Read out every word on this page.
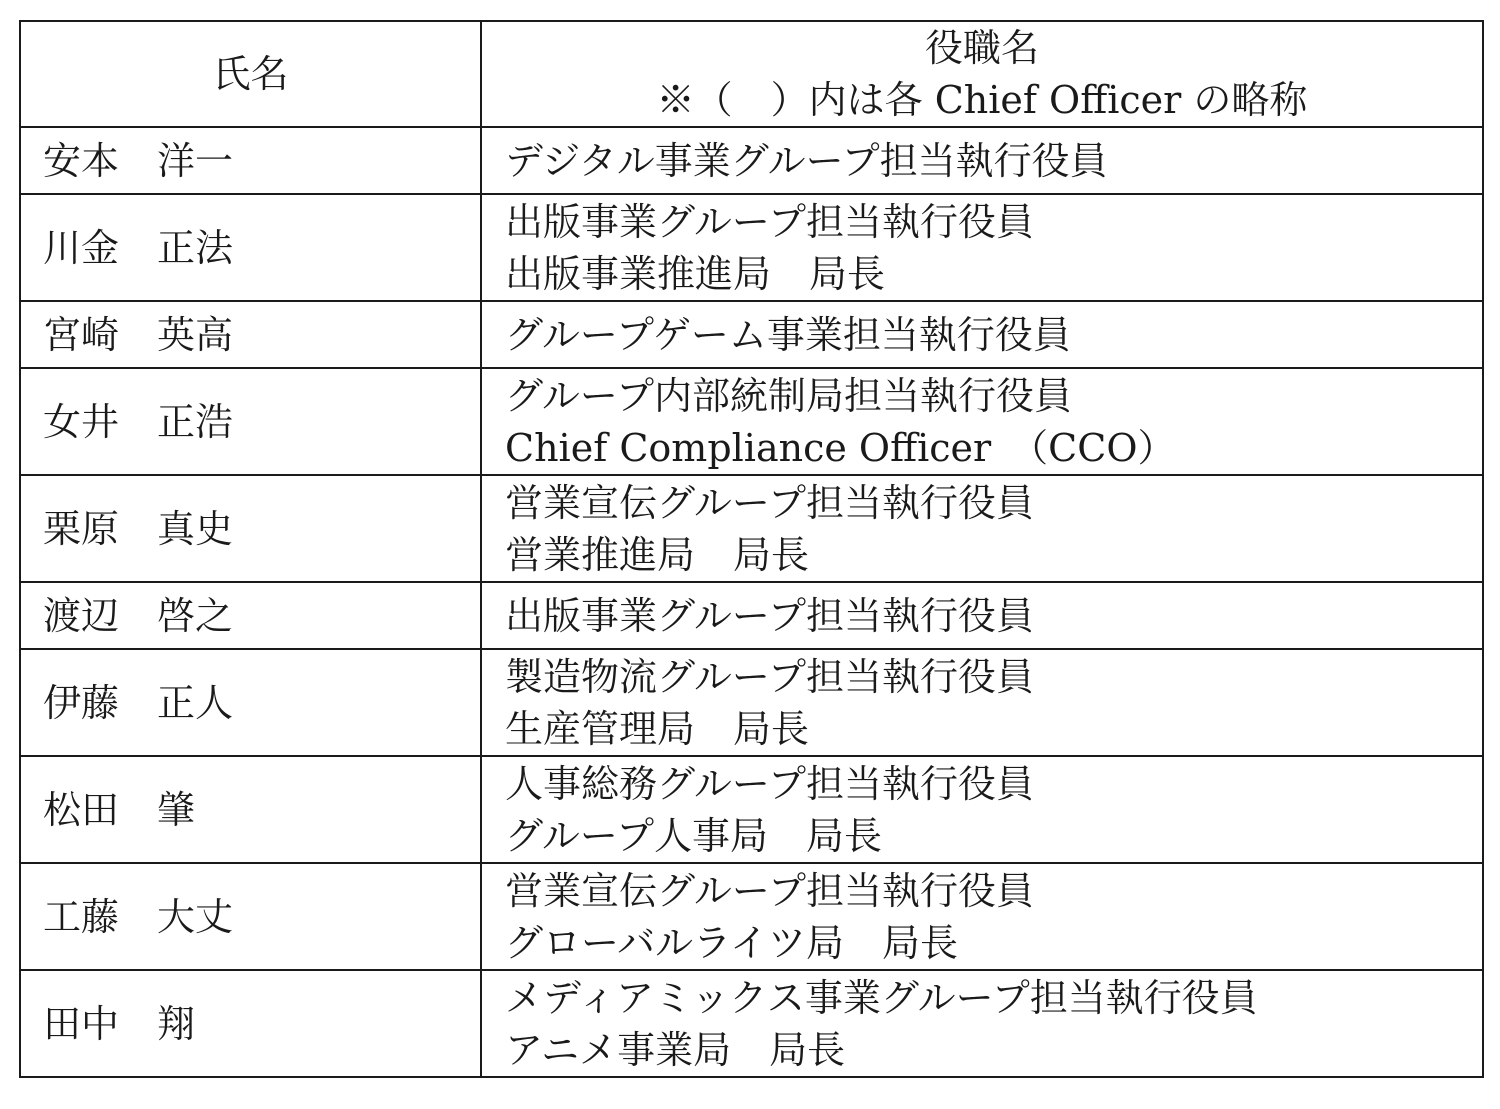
氏名	役職名
※（　）内は各 Chief Officer の略称

安本　洋一	デジタル事業グループ担当執行役員

川金　正法	出版事業グループ担当執行役員
出版事業推進局　局長

宮崎　英高	グループゲーム事業担当執行役員

女井　正浩	グループ内部統制局担当執行役員
Chief Compliance Officer　（CCO）

栗原　真史	営業宣伝グループ担当執行役員
営業推進局　局長

渡辺　啓之	出版事業グループ担当執行役員

伊藤　正人	製造物流グループ担当執行役員
生産管理局　局長

松田　肇	人事総務グループ担当執行役員
グループ人事局　局長

工藤　大丈	営業宣伝グループ担当執行役員
グローバルライツ局　局長

田中　翔	メディアミックス事業グループ担当執行役員
アニメ事業局　局長
